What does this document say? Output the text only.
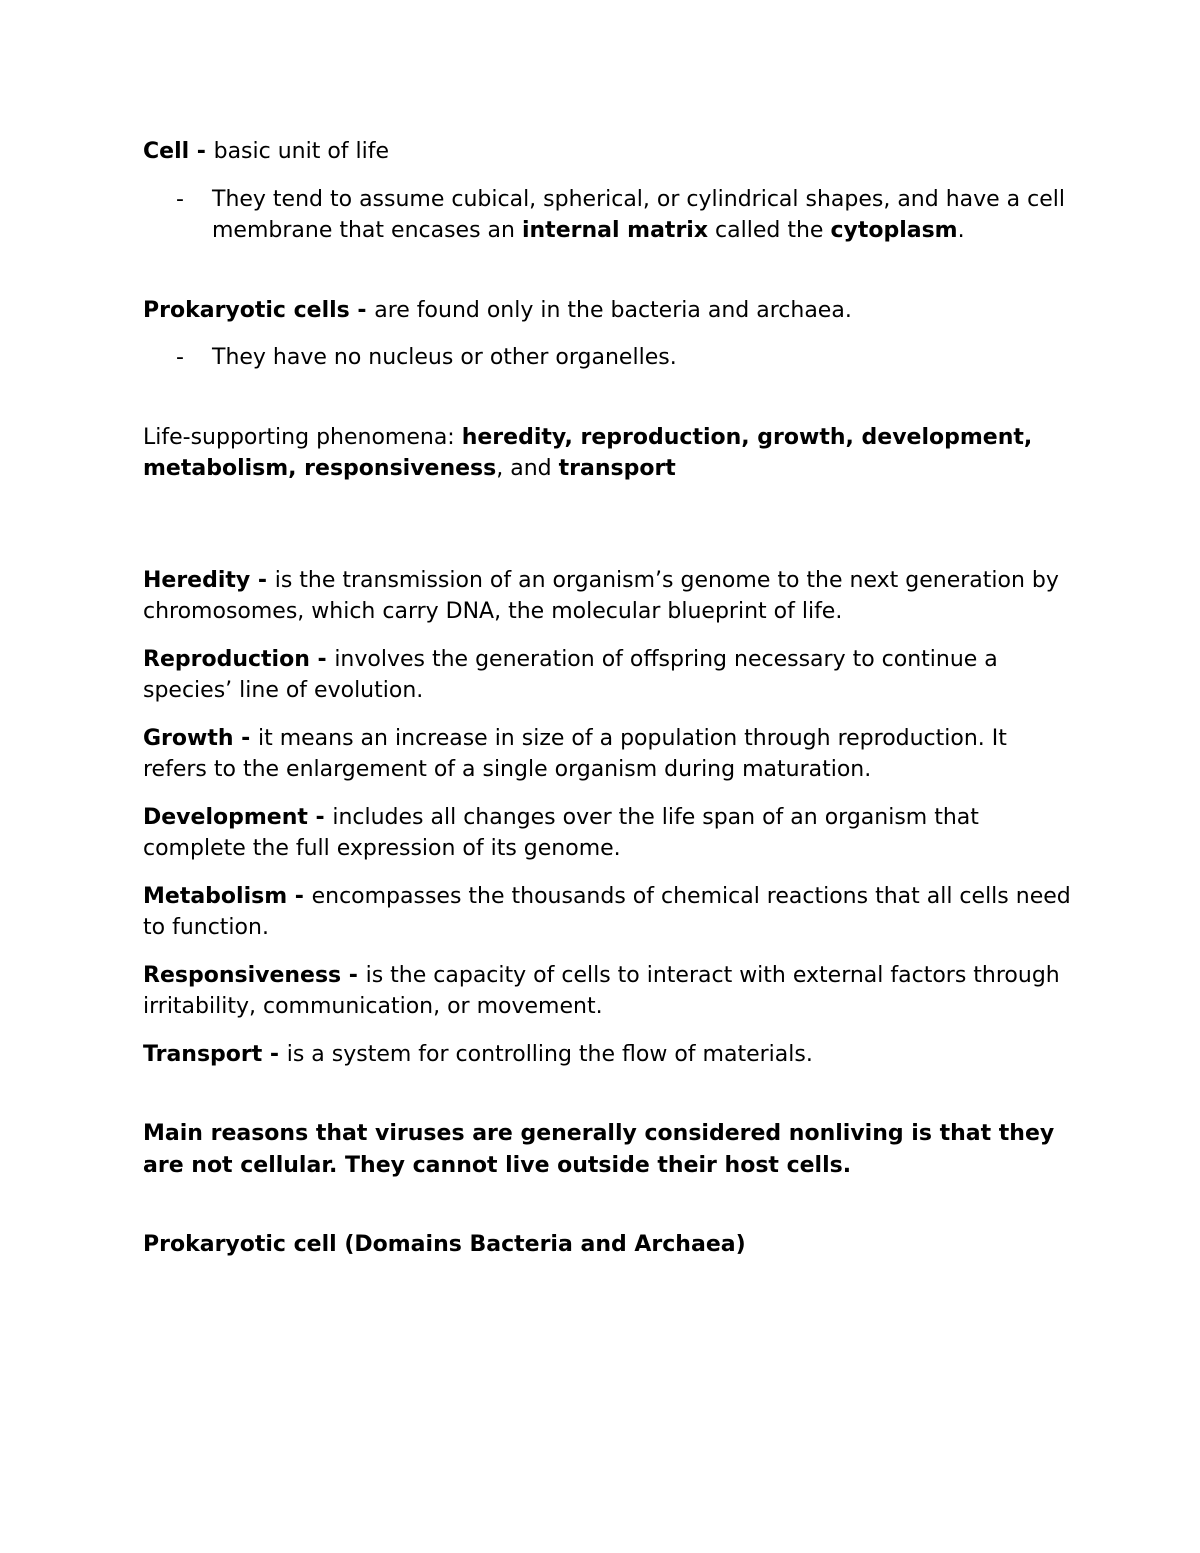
Cell - basic unit of life

- They tend to assume cubical, spherical, or cylindrical shapes, and have a cell membrane that encases an internal matrix called the cytoplasm.

Prokaryotic cells - are found only in the bacteria and archaea.

- They have no nucleus or other organelles.

Life-supporting phenomena: heredity, reproduction, growth, development, metabolism, responsiveness, and transport

Heredity - is the transmission of an organism’s genome to the next generation by chromosomes, which carry DNA, the molecular blueprint of life.

Reproduction - involves the generation of offspring necessary to continue a species’ line of evolution.

Growth - it means an increase in size of a population through reproduction. It refers to the enlargement of a single organism during maturation.

Development - includes all changes over the life span of an organism that complete the full expression of its genome.

Metabolism - encompasses the thousands of chemical reactions that all cells need to function.

Responsiveness - is the capacity of cells to interact with external factors through irritability, communication, or movement.

Transport - is a system for controlling the flow of materials.

Main reasons that viruses are generally considered nonliving is that they are not cellular. They cannot live outside their host cells.

Prokaryotic cell (Domains Bacteria and Archaea)
